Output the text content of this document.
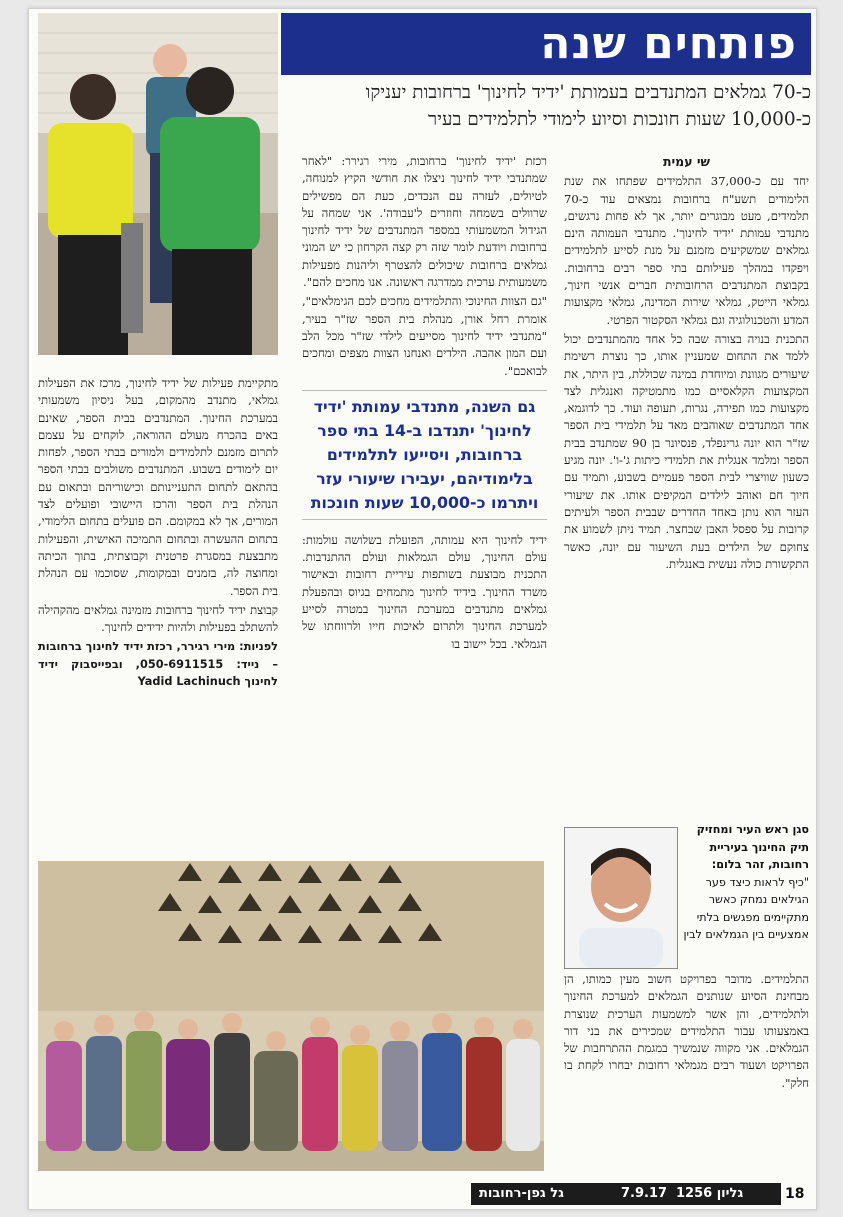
פותחים שנה
כ-70 גמלאים המתנדבים בעמותת 'ידיד לחינוך' ברחובות יעניקו כ-10,000 שעות חונכות וסיוע לימודי לתלמידים בעיר

שי עמית

יחד עם כ-37,000 התלמידים שפתחו את שנת הלימודים תשע"ח ברחובות נמצאים עוד כ-70 תלמידים, מעט מבוגרים יותר, אך לא פחות נרגשים, מתנדבי עמותת 'ידיד לחינוך'. מתנדבי העמותה הינם גמלאים שמשקיעים מזמנם על מנת לסייע לתלמידים ויפקדו במהלך פעילותם בתי ספר רבים ברחובות. בקבוצת המתנדבים הרחובותית חברים אנשי חינוך, גמלאי הייטק, גמלאי שירות המדינה, גמלאי מקצועות המדע והטכנולוגיה וגם גמלאי הסקטור הפרטי.

התכנית בנויה בצורה שבה כל אחד מהמתנדבים יכול ללמד את התחום שמעניין אותו, כך נוצרת רשימת שיעורים מגוונת ומיוחדת במינה שכוללת, בין היתר, את המקצועות הקלאסיים כמו מתמטיקה ואנגלית לצד מקצועות כמו תפירה, נגרות, תעופה ועוד. כך לדוגמא, אחד המתנדבים שאוהבים מאד על תלמידי בית הספר שז"ר הוא יונה גרינפלד, פנסיונר בן 90 שמתנדב בבית הספר ומלמד אנגלית את תלמידי כיתות ג'-ו'. יונה מגיע כשעון שוויצרי לבית הספר פעמיים בשבוע, ותמיד עם חיוך חם ואוהב לילדים המקיפים אותו. את שיעורי העזר הוא נותן באחד החדרים שבבית הספר ולעיתים קרובות על ספסל האבן שבחצר. תמיד ניתן לשמוע את צחוקם של הילדים בעת השיעור עם יונה, כאשר התקשורת כולה נעשית באנגלית.

רכזת 'ידיד לחינוך' ברחובות, מירי רגירר: "לאחר שמתנדבי ידיד לחינוך ניצלו את חודשי הקיץ למנוחה, לטיולים, לעזרה עם הנכדים, כעת הם מפשילים שרוולים בשמחה וחוזרים ל'עבודה'. אני שמחה על הגידול המשמעותי במספר המתנדבים של ידיד לחינוך ברחובות ויודעת לומר שזה רק קצה הקרחון כי יש המוני גמלאים ברחובות שיכולים להצטרף וליהנות מפעילות משמעותית ערכית ממדרגה ראשונה. אנו מחכים להם".

"גם הצוות החינוכי והתלמידים מחכים לכם הגימלאים", אומרת רחל אורן, מנהלת בית הספר שז"ר בעיר, "מתנדבי ידיד לחינוך מסייעים לילדי שז"ר מכל הלב ועם המון אהבה. הילדים ואנחנו הצוות מצפים ומחכים לבואכם".

גם השנה, מתנדבי עמותת 'ידיד לחינוך' יתנדבו ב-14 בתי ספר ברחובות, ויסייעו לתלמידים בלימודיהם, יעבירו שיעורי עזר ויתרמו כ-10,000 שעות חונכות

ידיד לחינוך היא עמותה, הפועלת בשלושה עולמות: עולם החינוך, עולם הגמלאות ועולם ההתנדבות. התכנית מבוצעת בשותפות עיריית רחובות ובאישור משרד החינוך. בידיד לחינוך מתמחים בגיוס ובהפעלת גמלאים מתנדבים במערכת החינוך במטרה לסייע למערכת החינוך ולתרום לאיכות חייו ולרווחתו של הגמלאי. בכל יישוב בו

מתקיימת פעילות של ידיד לחינוך, מרכז את הפעילות גמלאי, מתנדב מהמקום, בעל ניסיון משמעותי במערכת החינוך. המתנדבים בבית הספר, שאינם באים בהכרח מעולם ההוראה, לוקחים על עצמם לתרום מזמנם לתלמידים ולמורים בבתי הספר, לפחות יום לימודים בשבוע. המתנדבים משולבים בבתי הספר בהתאם לתחום התעניינותם וכישוריהם ובתאום עם הנהלת בית הספר והרכז היישובי ופועלים לצד המורים, אך לא במקומם. הם פועלים בתחום הלימודי, בתחום ההעשרה ובתחום התמיכה האישית, והפעילות מתבצעת במסגרת פרטנית וקבוצתית, בתוך הכיתה ומחוצה לה, בזמנים ובמקומות, שסוכמו עם הנהלת בית הספר.

קבוצת ידיד לחינוך ברחובות מזמינה גמלאים מהקהילה להשתלב בפעילות ולהיות ידידים לחינוך.

לפניות: מירי רגירר, רכזת ידיד לחינוך ברחובות – נייד: 050-6911515, ובפייסבוק ידיד לחינוך Yadid Lachinuch

סגן ראש העיר ומחזיק תיק החינוך בעיריית רחובות, זהר בלום:
"כיף לראות כיצד פער הגילאים נמחק כאשר מתקיימים מפגשים בלתי אמצעיים בין הגמלאים לבין
התלמידים. מדובר בפרויקט חשוב מעין כמותו, הן מבחינת הסיוע שנותנים הגמלאים למערכת החינוך ולתלמידים, והן אשר למשמעות הערכית שנוצרת באמצעותו עבור התלמידים שמכירים את בני דור הגמלאים. אני מקווה שנמשיך במגמת ההתרחבות של הפרויקט ושעוד רבים מגמלאי רחובות יבחרו לקחת בו חלק".
גל גפן-רחובות	7.9.17 גליון 1256	18
